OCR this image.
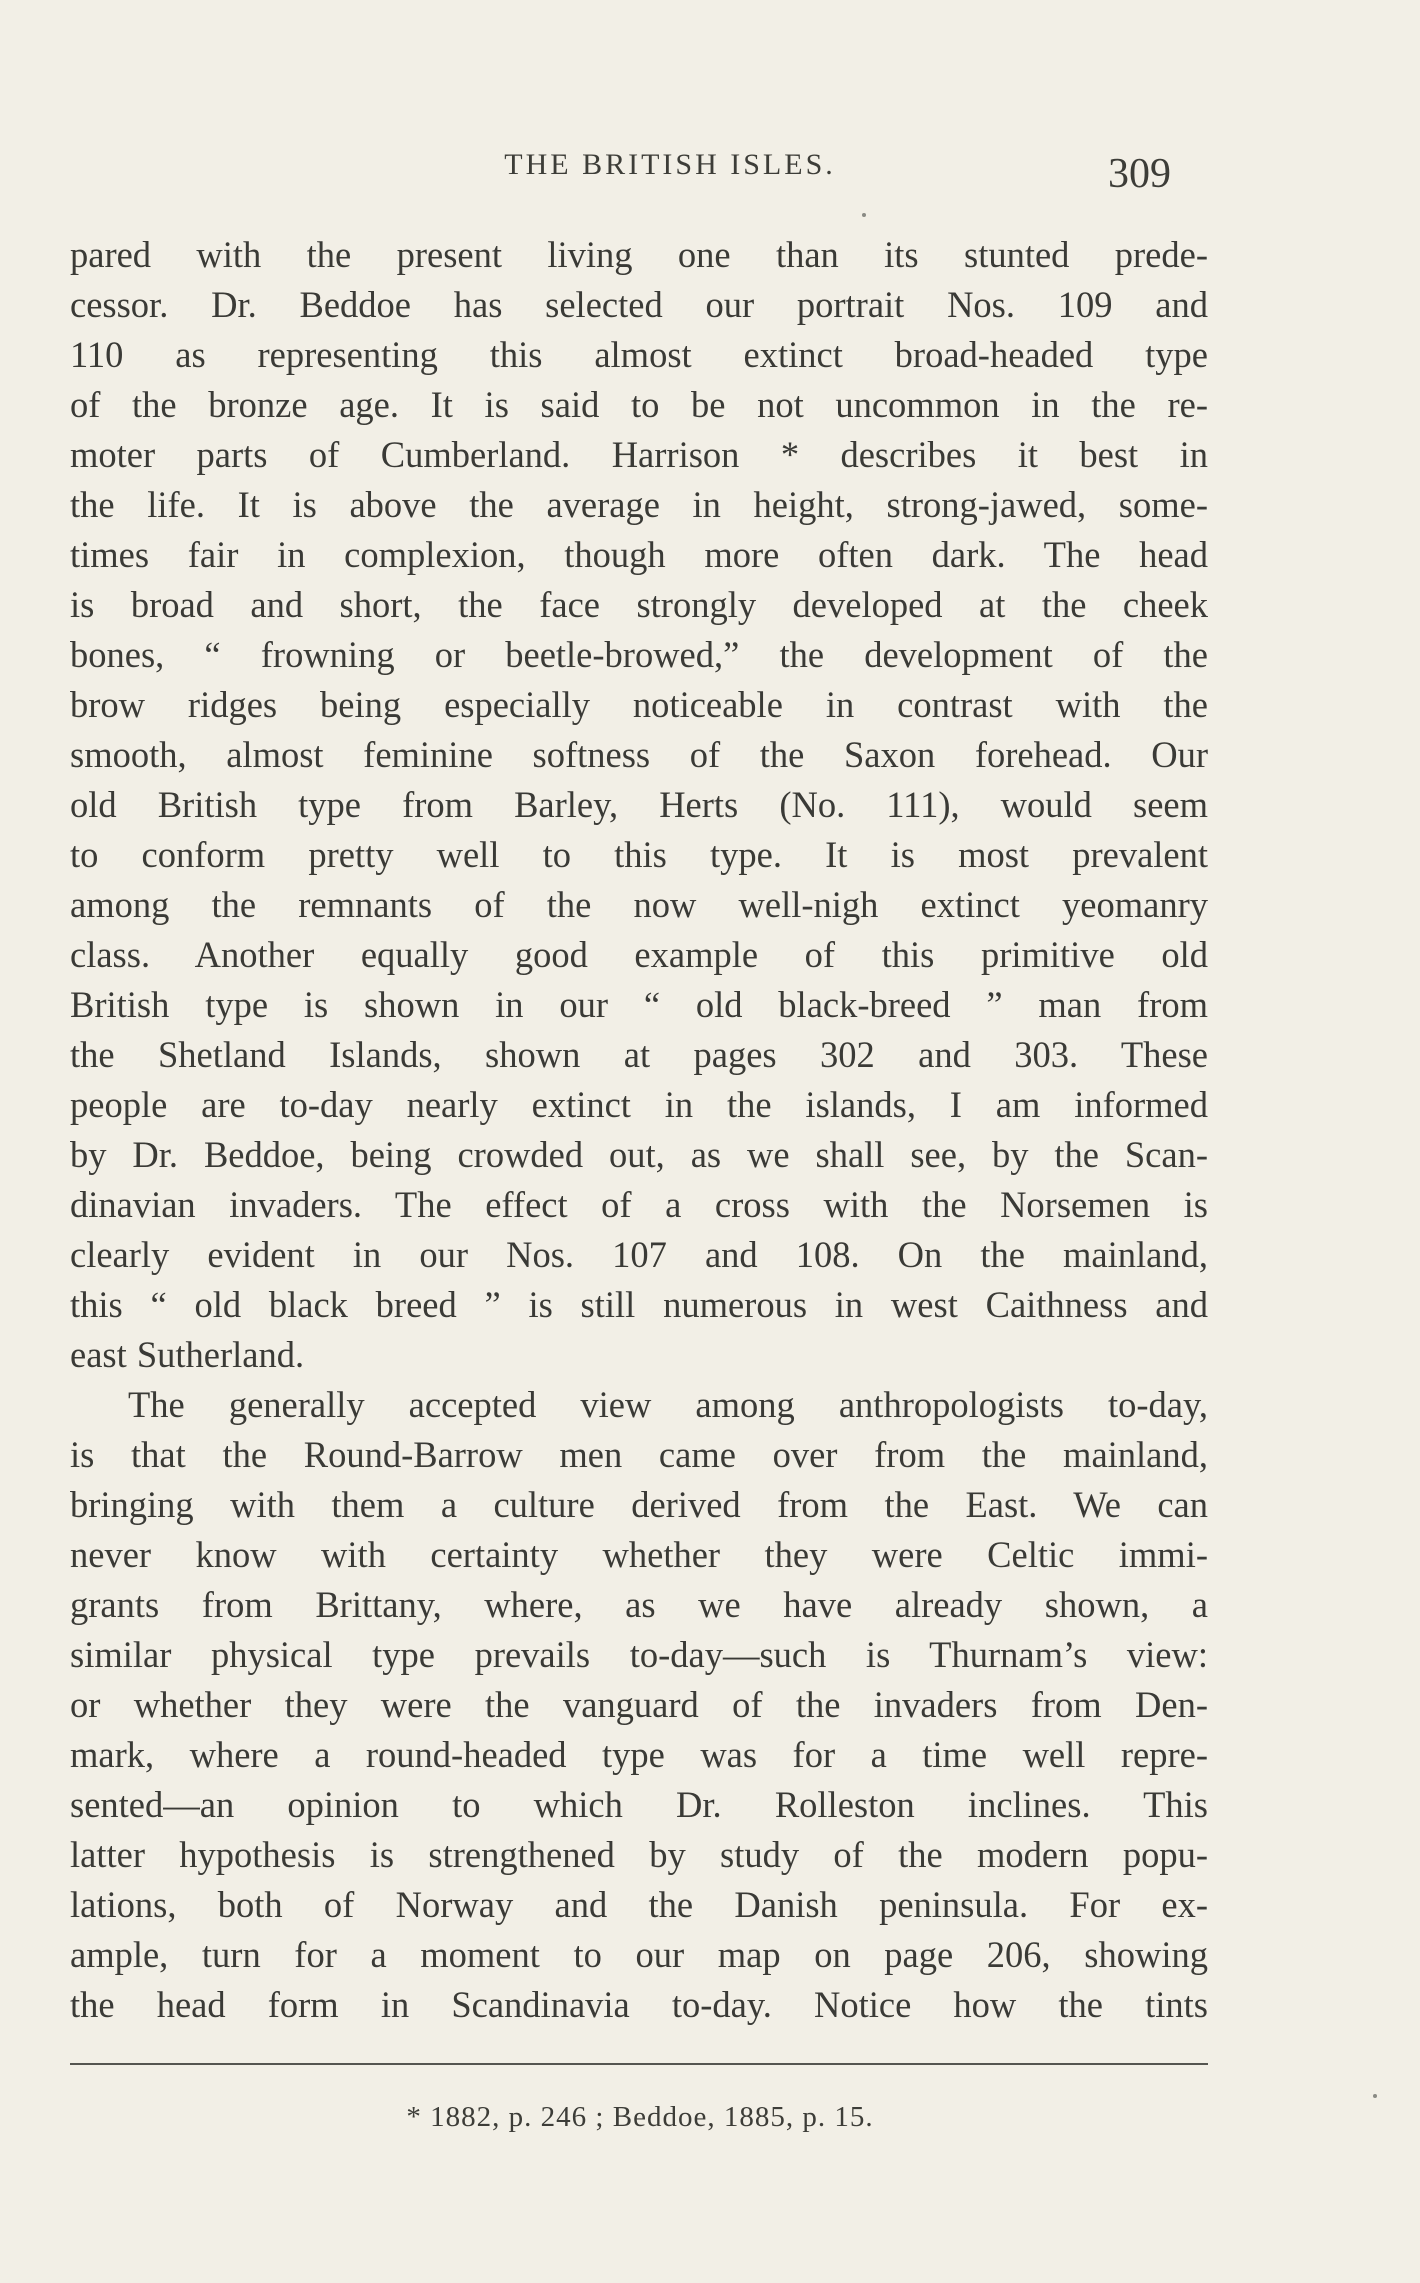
THE BRITISH ISLES.	309
pared with the present living one than its stunted prede-
cessor. Dr. Beddoe has selected our portrait Nos. 109 and
110 as representing this almost extinct broad-headed type
of the bronze age. It is said to be not uncommon in the re-
moter parts of Cumberland. Harrison * describes it best in
the life. It is above the average in height, strong-jawed, some-
times fair in complexion, though more often dark. The head
is broad and short, the face strongly developed at the cheek
bones, “ frowning or beetle-browed,” the development of the
brow ridges being especially noticeable in contrast with the
smooth, almost feminine softness of the Saxon forehead. Our
old British type from Barley, Herts (No. 111), would seem
to conform pretty well to this type. It is most prevalent
among the remnants of the now well-nigh extinct yeomanry
class. Another equally good example of this primitive old
British type is shown in our “ old black-breed ” man from
the Shetland Islands, shown at pages 302 and 303. These
people are to-day nearly extinct in the islands, I am informed
by Dr. Beddoe, being crowded out, as we shall see, by the Scan-
dinavian invaders. The effect of a cross with the Norsemen is
clearly evident in our Nos. 107 and 108. On the mainland,
this “ old black breed ” is still numerous in west Caithness and
east Sutherland.
The generally accepted view among anthropologists to-day,
is that the Round-Barrow men came over from the mainland,
bringing with them a culture derived from the East. We can
never know with certainty whether they were Celtic immi-
grants from Brittany, where, as we have already shown, a
similar physical type prevails to-day—such is Thurnam’s view:
or whether they were the vanguard of the invaders from Den-
mark, where a round-headed type was for a time well repre-
sented—an opinion to which Dr. Rolleston inclines. This
latter hypothesis is strengthened by study of the modern popu-
lations, both of Norway and the Danish peninsula. For ex-
ample, turn for a moment to our map on page 206, showing
the head form in Scandinavia to-day. Notice how the tints
* 1882, p. 246 ; Beddoe, 1885, p. 15.
